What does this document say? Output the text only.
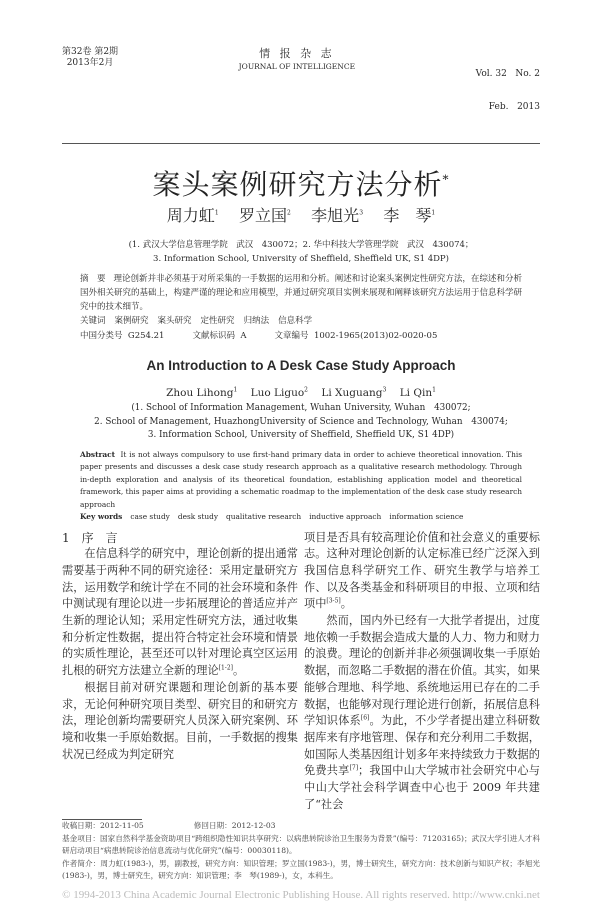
第32卷 第2期
2013年2月
情 报 杂 志
JOURNAL OF INTELLIGENCE

Vol. 32   No. 2

Feb.   2013

案头案例研究方法分析*
周力虹$^1$ 罗立国$^2$ 李旭光$^3$ 李　琴$^1$
(1. 武汉大学信息管理学院　武汉　430072；2. 华中科技大学管理学院　武汉　430074；
3. Information School, University of Sheffield, Sheffield UK, S1 4DP)
摘　要 理论创新并非必须基于对所采集的一手数据的运用和分析。阐述和讨论案头案例定性研究方法，在综述和分析国外相关研究的基础上，构建严谨的理论和应用模型，并通过研究项目实例来展现和阐释该研究方法运用于信息科学研究中的技术细节。
关键词 案例研究 案头研究 定性研究 归纳法 信息科学
中国分类号 G254.21	文献标识码 A	文章编号 1002-1965(2013)02-0020-05
An Introduction to A Desk Case Study Approach
Zhou Lihong$^1$ Luo Liguo$^2$ Li Xuguang$^3$ Li Qin$^1$
(1. School of Information Management, Wuhan University, Wuhan　430072;
2. School of Management, HuazhongUniversity of Science and Technology, Wuhan　430074;
3. Information School, University of Sheffield, Sheffield UK, S1 4DP)
Abstract It is not always compulsory to use first-hand primary data in order to achieve theoretical innovation. This paper presents and discusses a desk case study research approach as a qualitative research methodology. Through in-depth exploration and analysis of its theoretical foundation, establishing application model and theoretical framework, this paper aims at providing a schematic roadmap to the implementation of the desk case study research approach
Key words case study desk study qualitative research inductive approach information science
1　序　言

在信息科学的研究中，理论创新的提出通常需要基于两种不同的研究途径：采用定量研究方法，运用数学和统计学在不同的社会环境和条件中测试现有理论以进一步拓展理论的普适应并产生新的理论认知；采用定性研究方法，通过收集和分析定性数据，提出符合特定社会环境和情景的实质性理论，甚至还可以针对理论真空区运用扎根的研究方法建立全新的理论[1-2]。

根据目前对研究课题和理论创新的基本要求，无论何种研究项目类型、研究目的和研究方法，理论创新均需要研究人员深入研究案例、环境和收集一手原始数据。目前，一手数据的搜集状况已经成为判定研究

项目是否具有较高理论价值和社会意义的重要标志。这种对理论创新的认定标准已经广泛深入到我国信息科学研究工作、研究生教学与培养工作、以及各类基金和科研项目的申报、立项和结项中[3-5]。

然而，国内外已经有一大批学者提出，过度地依赖一手数据会造成大量的人力、物力和财力的浪费。理论的创新并非必须强调收集一手原始数据，而忽略二手数据的潜在价值。其实，如果能够合理地、科学地、系统地运用已存在的二手数据，也能够对现行理论进行创新，拓展信息科学知识体系[6]。为此，不少学者提出建立科研数据库来有序地管理、保存和充分利用二手数据，如国际人类基因组计划多年来持续致力于数据的免费共享[7]；我国中山大学城市社会研究中心与中山大学社会科学调查中心也于 2009 年共建了“社会

收稿日期：2012-11-05	修回日期：2012-12-03
基金项目：国家自然科学基金资助项目“跨组织隐性知识共享研究：以病患转院诊治卫生服务为背景”(编号：71203165)；武汉大学引进人才科研启动项目“病患转院诊治信息流动与优化研究”(编号：00030118)。
作者简介：周力虹(1983-)，男，副教授，研究方向：知识管理；罗立国(1983-)，男，博士研究生，研究方向：技术创新与知识产权；李旭光(1983-)，男，博士研究生，研究方向：知识管理；李　琴(1989-)，女，本科生。
© 1994-2013 China Academic Journal Electronic Publishing House. All rights reserved. http://www.cnki.net
